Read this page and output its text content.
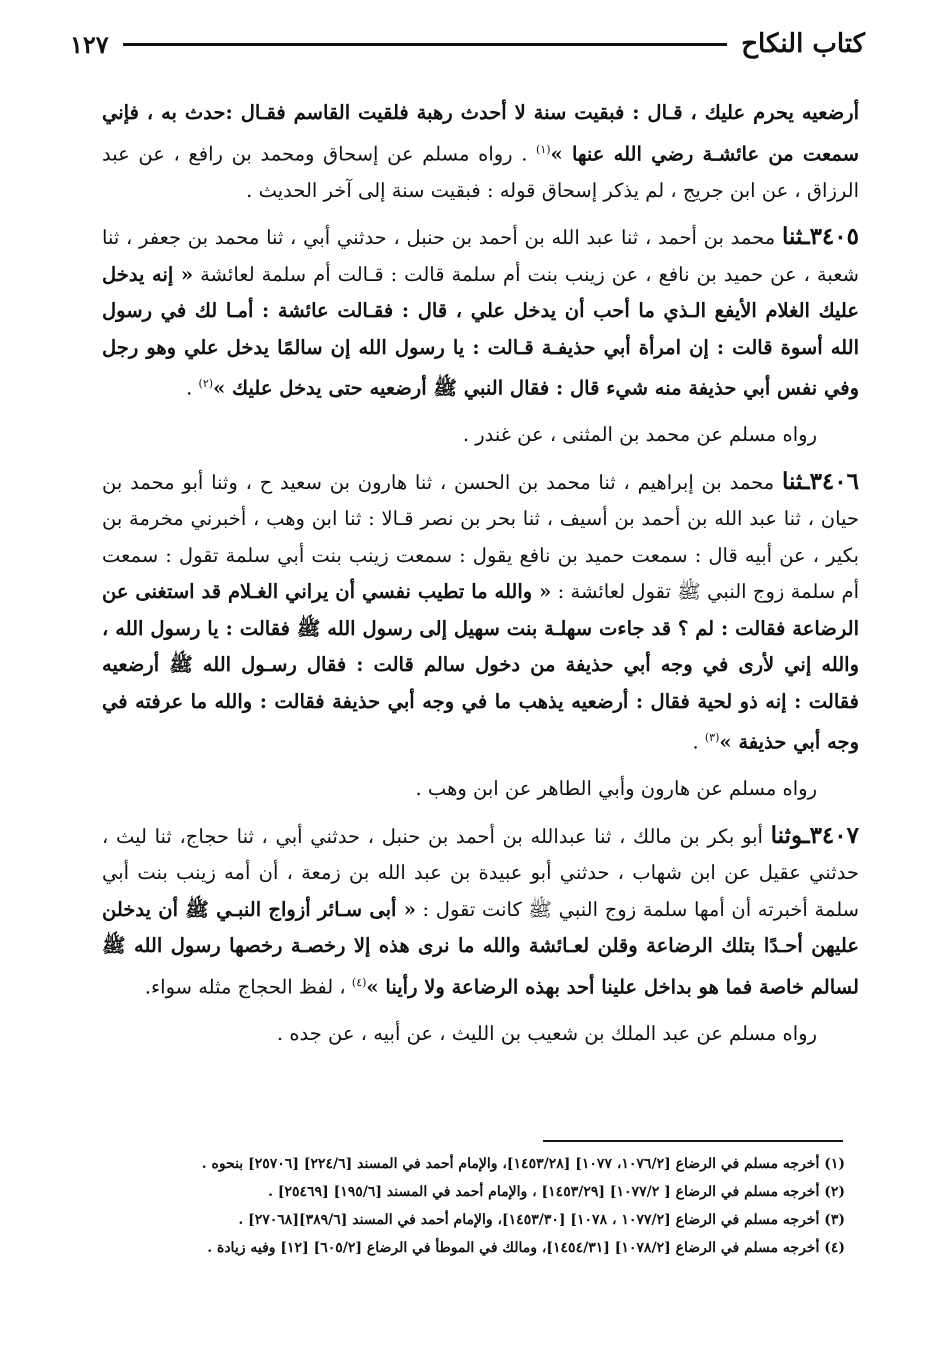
كتاب النكاح
١٢٧

أرضعيه يحرم عليك ، قـال : فبقيت سنة لا أحدث رهبة فلقيت القاسم فقـال :حدث به ، فإني سمعت من عائشـة رضي الله عنها »$^{(١)}$ . رواه مسلم عن إسحاق ومحمد بن رافع ، عن عبد الرزاق ، عن ابن جريج ، لم يذكر إسحاق قوله : فبقيت سنة إلى آخر الحديث .

٣٤٠٥ـثنا محمد بن أحمد ، ثنا عبد الله بن أحمد بن حنبل ، حدثني أبي ، ثنا محمد بن جعفر ، ثنا شعبة ، عن حميد بن نافع ، عن زينب بنت أم سلمة قالت : قـالت أم سلمة لعائشة « إنه يدخل عليك الغلام الأيفع الـذي ما أحب أن يدخل علي ، قال : فقـالت عائشة : أمـا لك في رسول الله أسوة قالت : إن امرأة أبي حذيفـة قـالت : يا رسول الله إن سالمًا يدخل علي وهو رجل وفي نفس أبي حذيفة منه شيء قال : فقال النبي ﷺ أرضعيه حتى يدخل عليك »$^{(٢)}$ .

رواه مسلم عن محمد بن المثنى ، عن غندر .

٣٤٠٦ـثنا محمد بن إبراهيم ، ثنا محمد بن الحسن ، ثنا هارون بن سعيد ح ، وثنا أبو محمد بن حيان ، ثنا عبد الله بن أحمد بن أسيف ، ثنا بحر بن نصر قـالا : ثنا ابن وهب ، أخبرني مخرمة بن بكير ، عن أبيه قال : سمعت حميد بن نافع يقول : سمعت زينب بنت أبي سلمة تقول : سمعت أم سلمة زوج النبي ﷺ تقول لعائشة : « والله ما تطيب نفسي أن يراني الغـلام قد استغنى عن الرضاعة فقالت : لم ؟ قد جاءت سهلـة بنت سهيل إلى رسول الله ﷺ فقالت : يا رسول الله ، والله إني لأرى في وجه أبي حذيفة من دخول سالم قالت : فقال رسـول الله ﷺ أرضعيه فقالت : إنه ذو لحية فقال : أرضعيه يذهب ما في وجه أبي حذيفة فقالت : والله ما عرفته في وجه أبي حذيفة »$^{(٣)}$ .

رواه مسلم عن هارون وأبي الطاهر عن ابن وهب .

٣٤٠٧ـوثنا أبو بكر بن مالك ، ثنا عبدالله بن أحمد بن حنبل ، حدثني أبي ، ثنا حجاج، ثنا ليث ، حدثني عقيل عن ابن شهاب ، حدثني أبو عبيدة بن عبد الله بن زمعة ، أن أمه زينب بنت أبي سلمة أخبرته أن أمها سلمة زوج النبي ﷺ كانت تقول : « أبى سـائر أزواج النبـي ﷺ أن يدخلن عليهن أحـدًا بتلك الرضاعة وقلن لعـائشة والله ما نرى هذه إلا رخصـة رخصها رسول الله ﷺ لسالم خاصة فما هو بداخل علينا أحد بهذه الرضاعة ولا رأينا »$^{(٤)}$ ، لفظ الحجاج مثله سواء.

رواه مسلم عن عبد الملك بن شعيب بن الليث ، عن أبيه ، عن جده .

(١) أخرجه مسلم في الرضاع [١٠٧٦/٢، ١٠٧٧] [١٤٥٣/٢٨]، والإمام أحمد في المسند [٢٢٤/٦] [٢٥٧٠٦] بنحوه .
(٢) أخرجه مسلم في الرضاع [ ١٠٧٧/٢] [١٤٥٣/٢٩] ، والإمام أحمد في المسند [١٩٥/٦] [٢٥٤٦٩] .
(٣) أخرجه مسلم في الرضاع [١٠٧٧/٢ ، ١٠٧٨] [١٤٥٣/٣٠]، والإمام أحمد في المسند [٣٨٩/٦][٢٧٠٦٨] .
(٤) أخرجه مسلم في الرضاع [١٠٧٨/٢] [١٤٥٤/٣١]، ومالك في الموطأ في الرضاع [٦٠٥/٢] [١٢] وفيه زيادة .
